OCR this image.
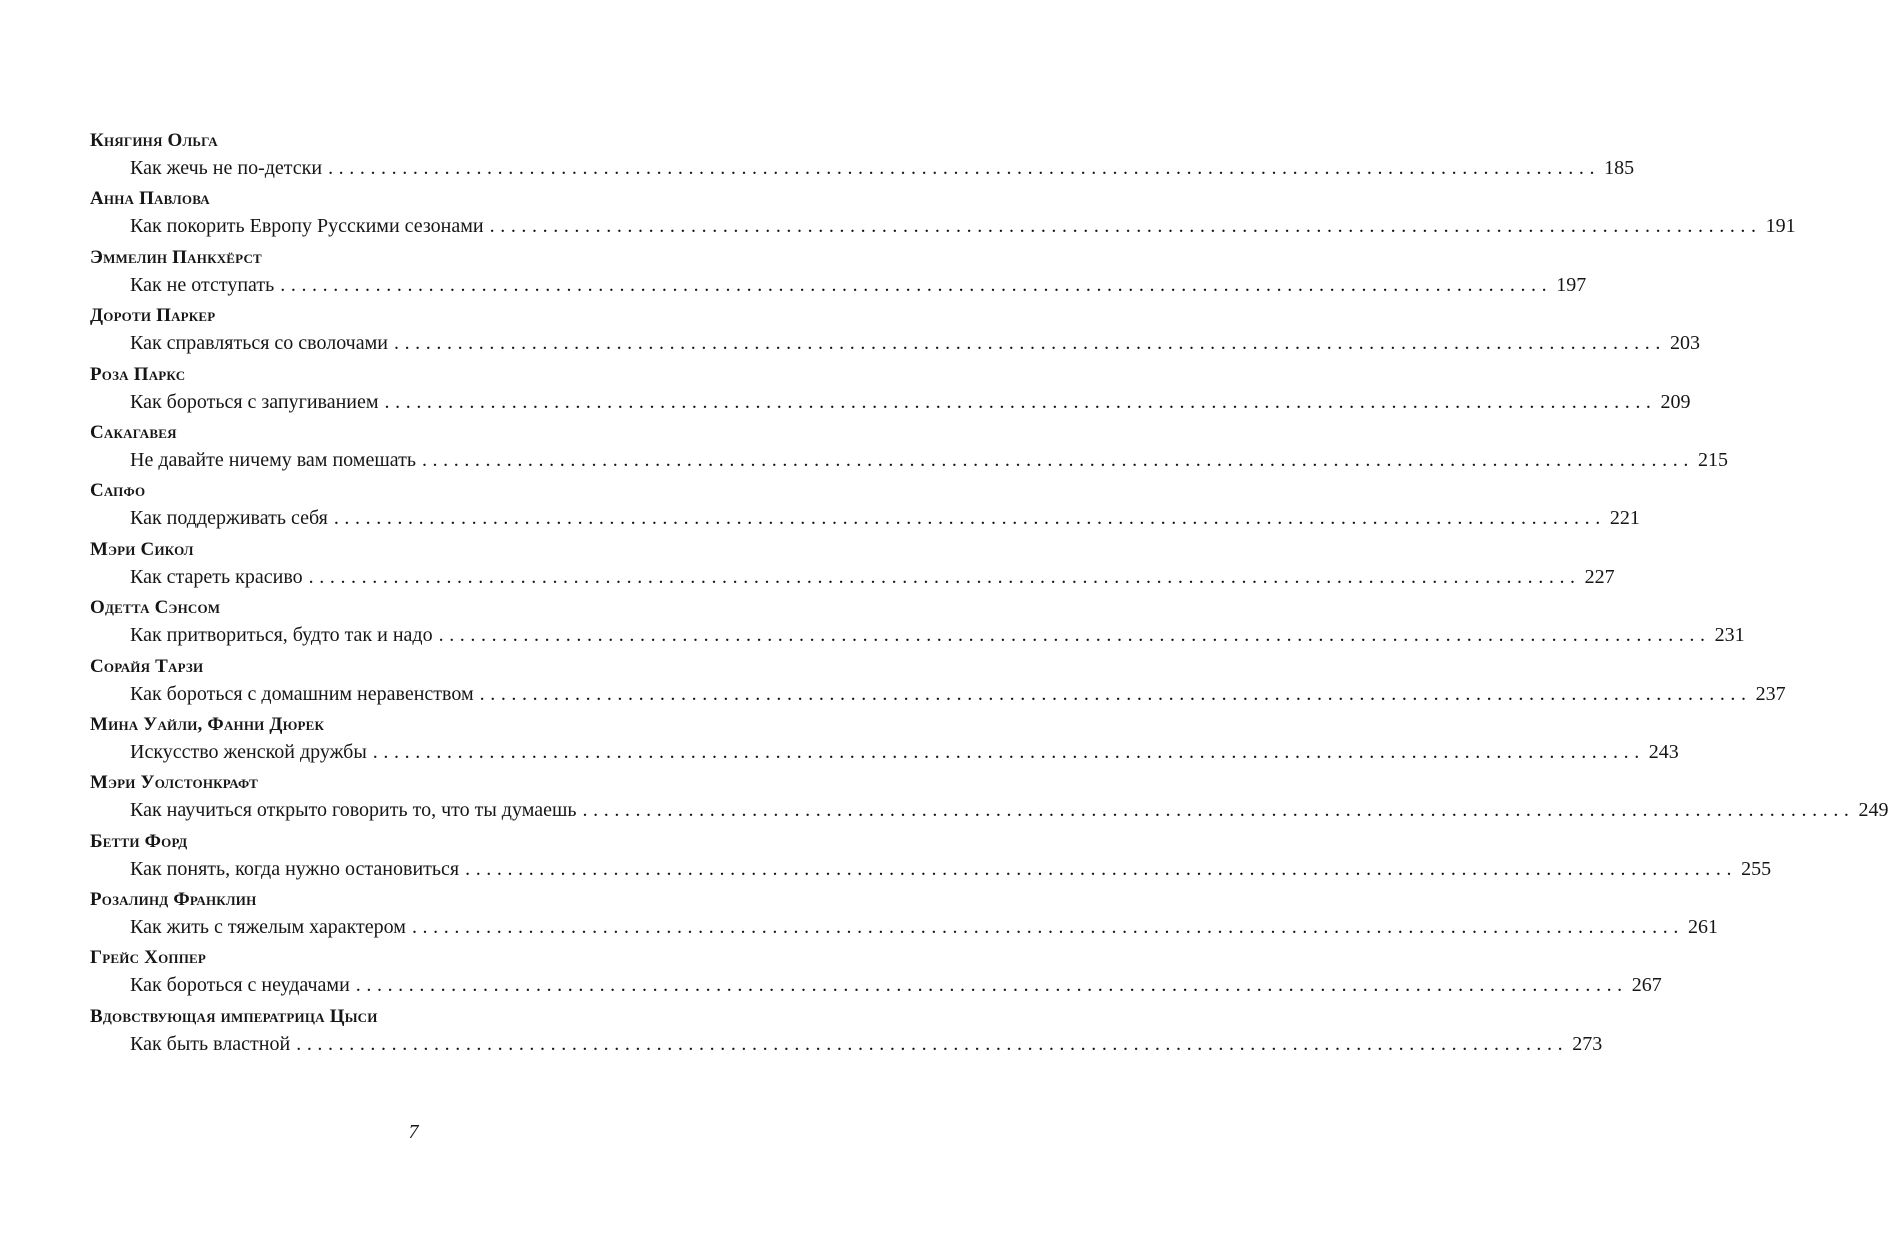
Княгиня Ольга
Как жечь не по-детски ........................................................................................................................ 185
Анна Павлова
Как покорить Европу Русскими сезонами ........................................................................................................................ 191
Эммелин Панкхёрст
Как не отступать ........................................................................................................................ 197
Дороти Паркер
Как справляться со сволочами ........................................................................................................................ 203
Роза Паркс
Как бороться с запугиванием ........................................................................................................................ 209
Сакагавея
Не давайте ничему вам помешать ........................................................................................................................ 215
Сапфо
Как поддерживать себя ........................................................................................................................ 221
Мэри Сикол
Как стареть красиво ........................................................................................................................ 227
Одетта Сэнсом
Как притвориться, будто так и надо ........................................................................................................................ 231
Сорайя Тарзи
Как бороться с домашним неравенством ........................................................................................................................ 237
Мина Уайли, Фанни Дюрек
Искусство женской дружбы ........................................................................................................................ 243
Мэри Уолстонкрафт
Как научиться открыто говорить то, что ты думаешь ........................................................................................................................ 249
Бетти Форд
Как понять, когда нужно остановиться ........................................................................................................................ 255
Розалинд Франклин
Как жить с тяжелым характером ........................................................................................................................ 261
Грейс Хоппер
Как бороться с неудачами ........................................................................................................................ 267
Вдовствующая императрица Цыси
Как быть властной ........................................................................................................................ 273
7
